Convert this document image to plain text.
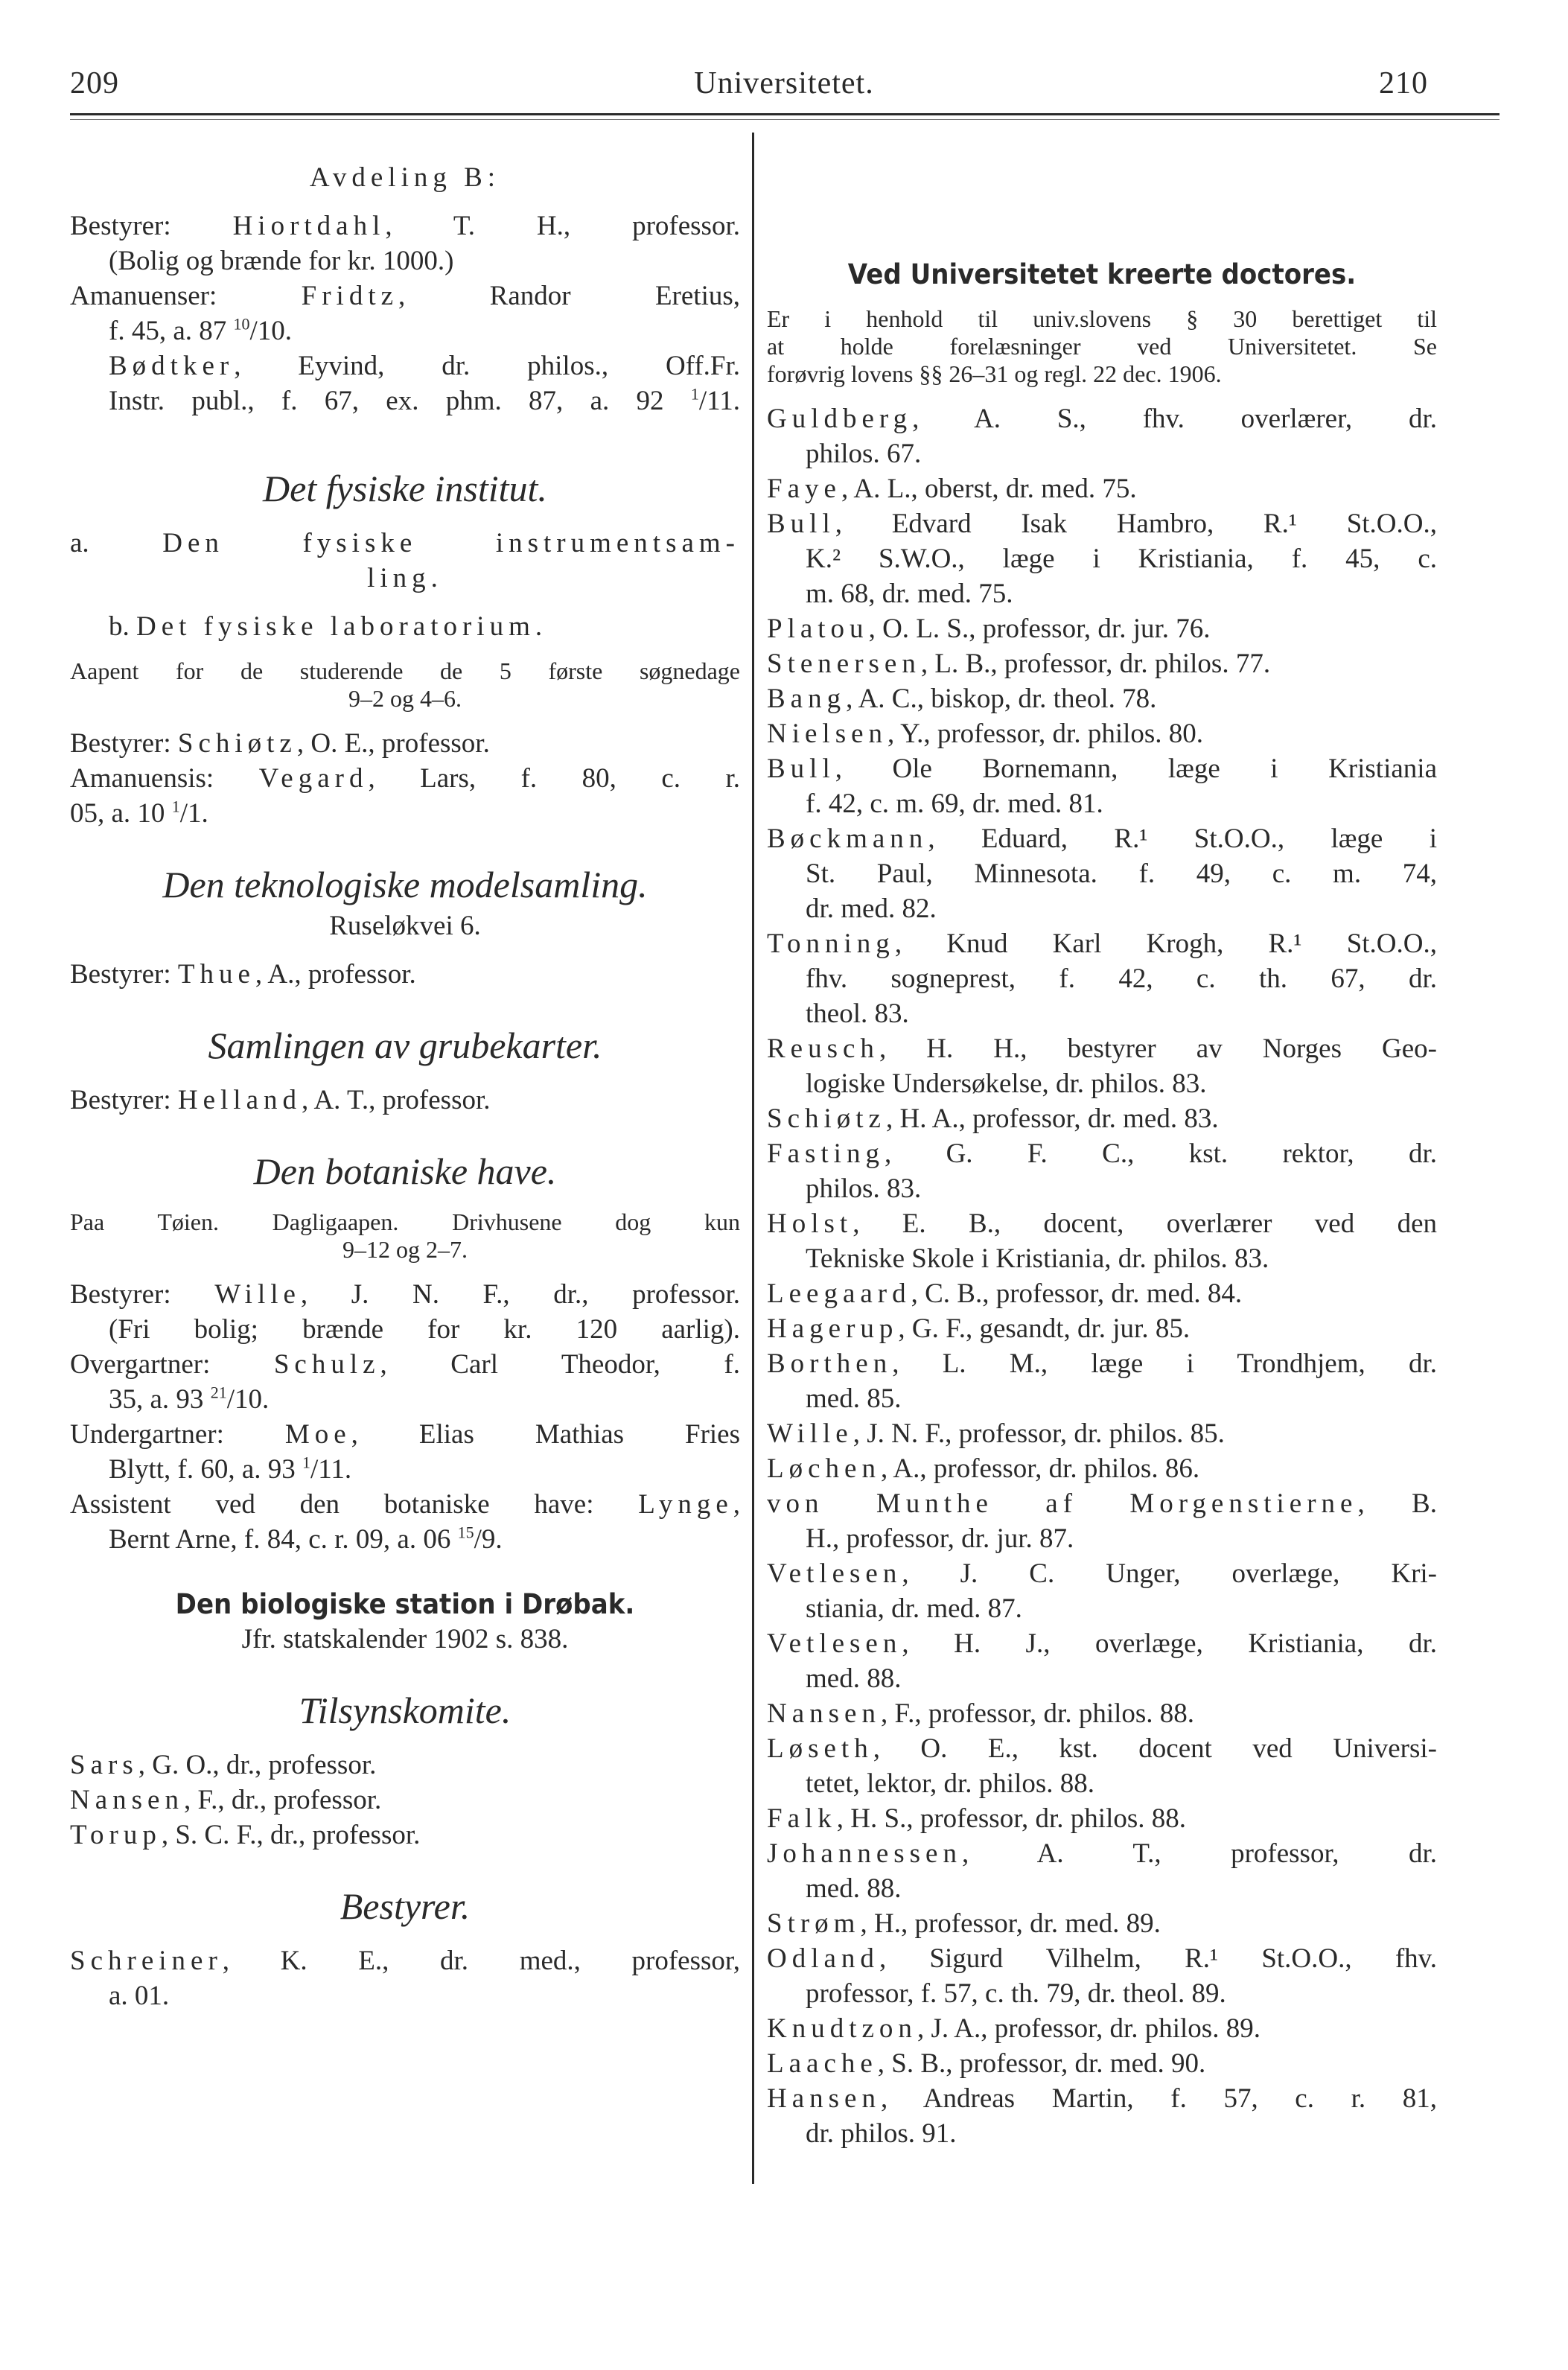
209	Universitetet.	210
Avdeling B:
Bestyrer: Hiortdahl, T. H., professor.
(Bolig og brænde for kr. 1000.)
Amanuenser:	Fridtz, Randor Eretius,
f. 45, a. 87 $^{10}$/10.
Bødtker, Eyvind, dr. philos., Off.Fr.
Instr. publ., f. 67, ex. phm. 87, a. 92 $^1$/11.
Det fysiske institut.
a.	Den fysiske instrumentsam-
ling.
b. Det fysiske laboratorium.
Aapent for de studerende de 5 første søgnedage
9–2 og 4–6.
Bestyrer: Schiøtz, O. E., professor.
Amanuensis: Vegard, Lars, f. 80, c. r.
05, a. 10 $^1$/1.
Den teknologiske modelsamling.
Ruseløkvei 6.
Bestyrer: Thue, A., professor.
Samlingen av grubekarter.
Bestyrer: Helland, A. T., professor.
Den botaniske have.
Paa Tøien. Dagligaapen. Drivhusene dog kun
9–12 og 2–7.
Bestyrer: Wille, J. N. F., dr., professor.
(Fri bolig; brænde for kr. 120 aarlig).
Overgartner: Schulz, Carl Theodor, f.
35, a. 93 $^{21}$/10.
Undergartner: Moe, Elias Mathias Fries
Blytt, f. 60, a. 93 $^1$/11.
Assistent ved den botaniske have: Lynge,
Bernt Arne, f. 84, c. r. 09, a. 06 $^{15}$/9.
Den biologiske station i Drøbak.
Jfr. statskalender 1902 s. 838.
Tilsynskomite.
Sars, G. O., dr., professor.
Nansen, F., dr., professor.
Torup, S. C. F., dr., professor.
Bestyrer.
Schreiner, K. E., dr. med., professor,
a. 01.
Ved Universitetet kreerte doctores.
Er i henhold til univ.slovens § 30 berettiget til
at holde forelæsninger ved Universitetet. Se
forøvrig lovens §§ 26–31 og regl. 22 dec. 1906.
Guldberg, A. S., fhv. overlærer, dr.
philos. 67.
Faye, A. L., oberst, dr. med. 75.
Bull, Edvard Isak Hambro, R.¹ St.O.O.,
K.² S.W.O., læge i Kristiania, f. 45, c.
m. 68, dr. med. 75.
Platou, O. L. S., professor, dr. jur. 76.
Stenersen, L. B., professor, dr. philos. 77.
Bang, A. C., biskop, dr. theol. 78.
Nielsen, Y., professor, dr. philos. 80.
Bull, Ole Bornemann, læge i Kristiania
f. 42, c. m. 69, dr. med. 81.
Bøckmann, Eduard, R.¹ St.O.O., læge i
St. Paul, Minnesota. f. 49, c. m. 74,
dr. med. 82.
Tonning, Knud Karl Krogh, R.¹ St.O.O.,
fhv. sogneprest, f. 42, c. th. 67, dr.
theol. 83.
Reusch, H. H., bestyrer av Norges Geo-
logiske Undersøkelse, dr. philos. 83.
Schiøtz, H. A., professor, dr. med. 83.
Fasting, G. F. C., kst. rektor, dr.
philos. 83.
Holst, E. B., docent, overlærer ved den
Tekniske Skole i Kristiania, dr. philos. 83.
Leegaard, C. B., professor, dr. med. 84.
Hagerup, G. F., gesandt, dr. jur. 85.
Borthen, L. M., læge i Trondhjem, dr.
med. 85.
Wille, J. N. F., professor, dr. philos. 85.
Løchen, A., professor, dr. philos. 86.
von Munthe af Morgenstierne, B.
H., professor, dr. jur. 87.
Vetlesen, J. C. Unger, overlæge, Kri-
stiania, dr. med. 87.
Vetlesen, H. J., overlæge, Kristiania, dr.
med. 88.
Nansen, F., professor, dr. philos. 88.
Løseth, O. E., kst. docent ved Universi-
tetet, lektor, dr. philos. 88.
Falk, H. S., professor, dr. philos. 88.
Johannessen, A. T., professor, dr.
med. 88.
Strøm, H., professor, dr. med. 89.
Odland, Sigurd Vilhelm, R.¹ St.O.O., fhv.
professor, f. 57, c. th. 79, dr. theol. 89.
Knudtzon, J. A., professor, dr. philos. 89.
Laache, S. B., professor, dr. med. 90.
Hansen, Andreas Martin, f. 57, c. r. 81,
dr. philos. 91.
